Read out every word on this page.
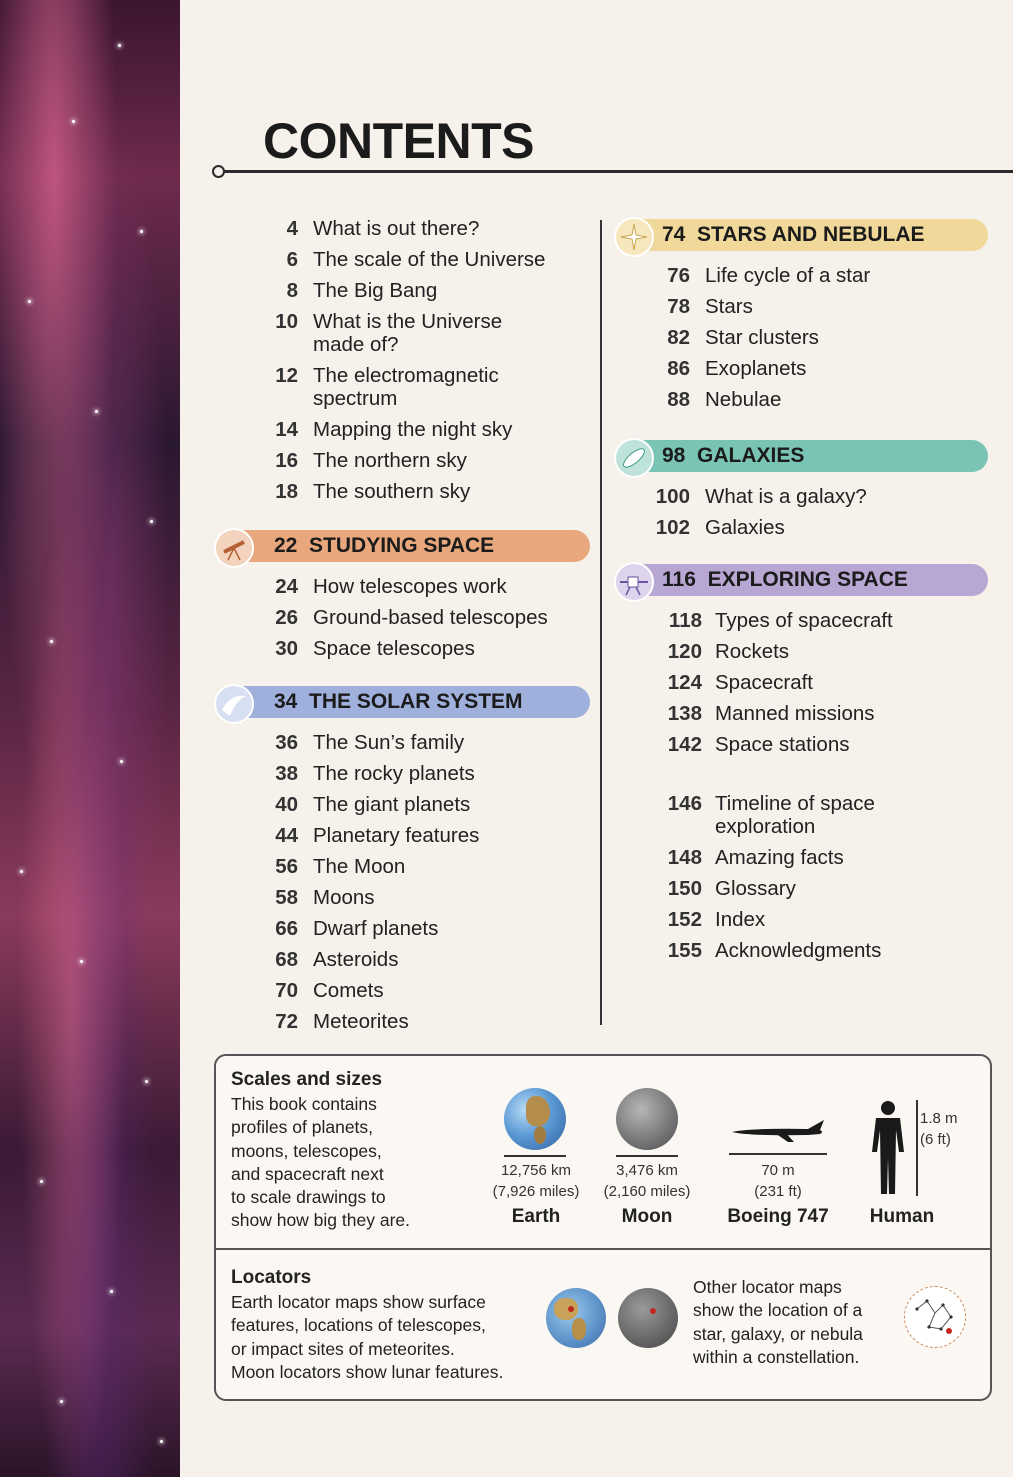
CONTENTS
4 What is out there?
6 The scale of the Universe
8 The Big Bang
10 What is the Universe
made of?
12 The electromagnetic
spectrum
14 Mapping the night sky
16 The northern sky
18 The southern sky
22 STUDYING SPACE
24 How telescopes work
26 Ground-based telescopes
30 Space telescopes
34 THE SOLAR SYSTEM
36 The Sun’s family
38 The rocky planets
40 The giant planets
44 Planetary features
56 The Moon
58 Moons
66 Dwarf planets
68 Asteroids
70 Comets
72 Meteorites
74 STARS AND NEBULAE
76 Life cycle of a star
78 Stars
82 Star clusters
86 Exoplanets
88 Nebulae
98 GALAXIES
100 What is a galaxy?
102 Galaxies
116 EXPLORING SPACE
118 Types of spacecraft
120 Rockets
124 Spacecraft
138 Manned missions
142 Space stations
146 Timeline of space
exploration
148 Amazing facts
150 Glossary
152 Index
155 Acknowledgments
Scales and sizes
This book contains
profiles of planets,
moons, telescopes,
and spacecraft next
to scale drawings to
show how big they are.
12,756 km
(7,926 miles)
Earth
3,476 km
(2,160 miles)
Moon
70 m
(231 ft)
Boeing 747
1.8 m
(6 ft)
Human
Locators
Earth locator maps show surface
features, locations of telescopes,
or impact sites of meteorites.
Moon locators show lunar features.
Other locator maps
show the location of a
star, galaxy, or nebula
within a constellation.
